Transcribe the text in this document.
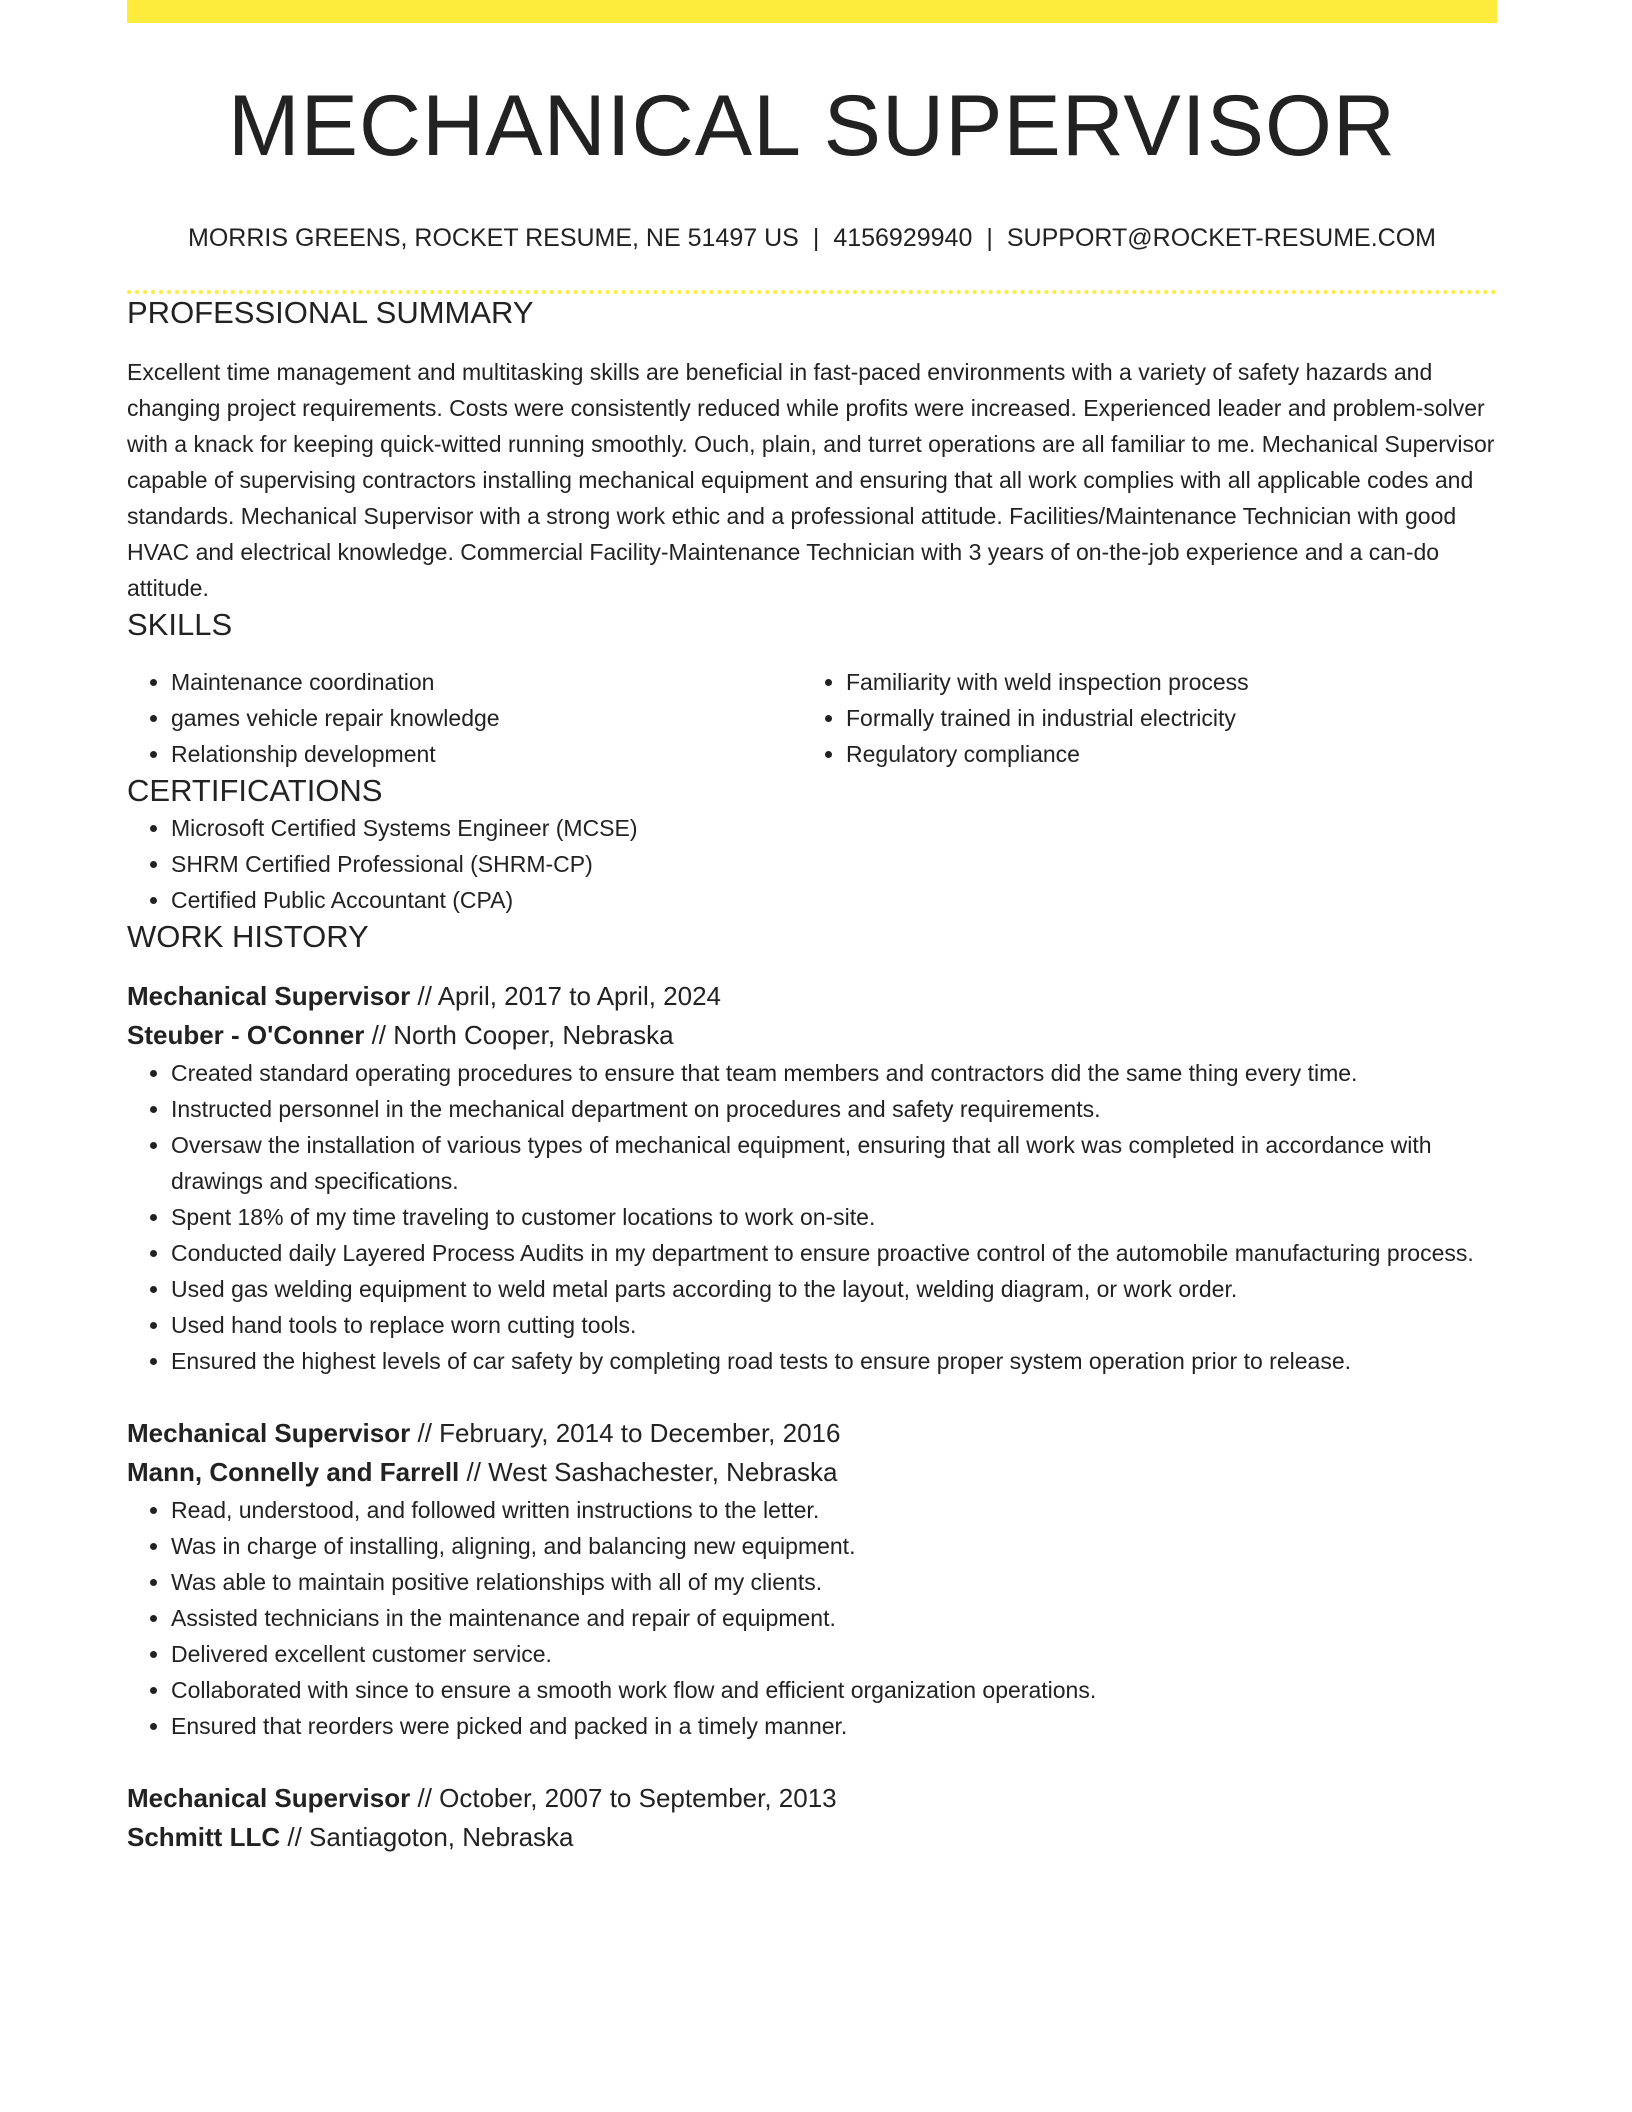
MECHANICAL SUPERVISOR
MORRIS GREENS, ROCKET RESUME, NE 51497 US | 4156929940 | SUPPORT@ROCKET-RESUME.COM
PROFESSIONAL SUMMARY

Excellent time management and multitasking skills are beneficial in fast-paced environments with a variety of safety hazards and changing project requirements. Costs were consistently reduced while profits were increased. Experienced leader and problem-solver with a knack for keeping quick-witted running smoothly. Ouch, plain, and turret operations are all familiar to me. Mechanical Supervisor capable of supervising contractors installing mechanical equipment and ensuring that all work complies with all applicable codes and standards. Mechanical Supervisor with a strong work ethic and a professional attitude. Facilities/Maintenance Technician with good HVAC and electrical knowledge. Commercial Facility-Maintenance Technician with 3 years of on-the-job experience and a can-do attitude.

SKILLS
• Maintenance coordination
• games vehicle repair knowledge
• Relationship development
• Familiarity with weld inspection process
• Formally trained in industrial electricity
• Regulatory compliance
CERTIFICATIONS
• Microsoft Certified Systems Engineer (MCSE)
• SHRM Certified Professional (SHRM-CP)
• Certified Public Accountant (CPA)
WORK HISTORY
Mechanical Supervisor // April, 2017 to April, 2024
Steuber - O'Conner // North Cooper, Nebraska
• Created standard operating procedures to ensure that team members and contractors did the same thing every time.
• Instructed personnel in the mechanical department on procedures and safety requirements.
• Oversaw the installation of various types of mechanical equipment, ensuring that all work was completed in accordance with drawings and specifications.
• Spent 18% of my time traveling to customer locations to work on-site.
• Conducted daily Layered Process Audits in my department to ensure proactive control of the automobile manufacturing process.
• Used gas welding equipment to weld metal parts according to the layout, welding diagram, or work order.
• Used hand tools to replace worn cutting tools.
• Ensured the highest levels of car safety by completing road tests to ensure proper system operation prior to release.
Mechanical Supervisor // February, 2014 to December, 2016
Mann, Connelly and Farrell // West Sashachester, Nebraska
• Read, understood, and followed written instructions to the letter.
• Was in charge of installing, aligning, and balancing new equipment.
• Was able to maintain positive relationships with all of my clients.
• Assisted technicians in the maintenance and repair of equipment.
• Delivered excellent customer service.
• Collaborated with since to ensure a smooth work flow and efficient organization operations.
• Ensured that reorders were picked and packed in a timely manner.
Mechanical Supervisor // October, 2007 to September, 2013
Schmitt LLC // Santiagoton, Nebraska
